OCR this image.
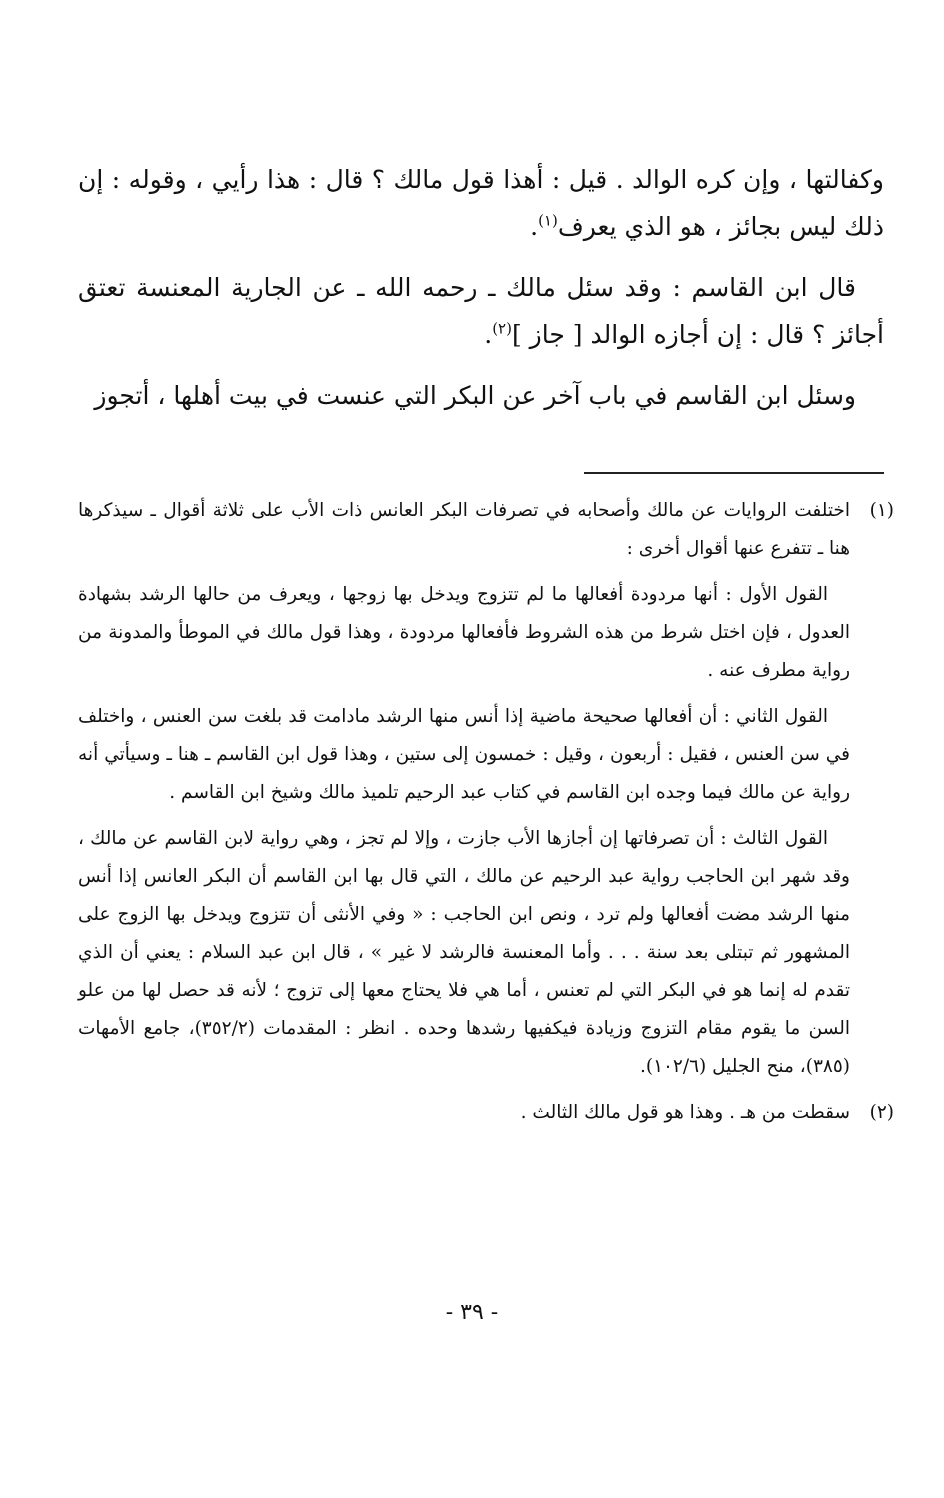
وكفالتها ، وإن كره الوالد . قيل : أهذا قول مالك ؟ قال : هذا رأيي ، وقوله : إن ذلك ليس بجائز ، هو الذي يعرف$^{(١)}$.

قال ابن القاسم : وقد سئل مالك ـ رحمه الله ـ عن الجارية المعنسة تعتق أجائز ؟ قال : إن أجازه الوالد [ جاز ]$^{(٢)}$.

وسئل ابن القاسم في باب آخر عن البكر التي عنست في بيت أهلها ، أتجوز

(١)

اختلفت الروايات عن مالك وأصحابه في تصرفات البكر العانس ذات الأب على ثلاثة أقوال ـ سيذكرها هنا ـ تتفرع عنها أقوال أخرى :

القول الأول : أنها مردودة أفعالها ما لم تتزوج ويدخل بها زوجها ، ويعرف من حالها الرشد بشهادة العدول ، فإن اختل شرط من هذه الشروط فأفعالها مردودة ، وهذا قول مالك في الموطأ والمدونة من رواية مطرف عنه .

القول الثاني : أن أفعالها صحيحة ماضية إذا أنس منها الرشد مادامت قد بلغت سن العنس ، واختلف في سن العنس ، فقيل : أربعون ، وقيل : خمسون إلى ستين ، وهذا قول ابن القاسم ـ هنا ـ وسيأتي أنه رواية عن مالك فيما وجده ابن القاسم في كتاب عبد الرحيم تلميذ مالك وشيخ ابن القاسم .

القول الثالث : أن تصرفاتها إن أجازها الأب جازت ، وإلا لم تجز ، وهي رواية لابن القاسم عن مالك ، وقد شهر ابن الحاجب رواية عبد الرحيم عن مالك ، التي قال بها ابن القاسم أن البكر العانس إذا أنس منها الرشد مضت أفعالها ولم ترد ، ونص ابن الحاجب : « وفي الأنثى أن تتزوج ويدخل بها الزوج على المشهور ثم تبتلى بعد سنة . . . وأما المعنسة فالرشد لا غير » ، قال ابن عبد السلام : يعني أن الذي تقدم له إنما هو في البكر التي لم تعنس ، أما هي فلا يحتاج معها إلى تزوج ؛ لأنه قد حصل لها من علو السن ما يقوم مقام التزوج وزيادة فيكفيها رشدها وحده . انظر : المقدمات (٣٥٢/٢)، جامع الأمهات (٣٨٥)، منح الجليل (١٠٢/٦).

(٢)

سقطت من هـ . وهذا هو قول مالك الثالث .

- ٣٩ -
